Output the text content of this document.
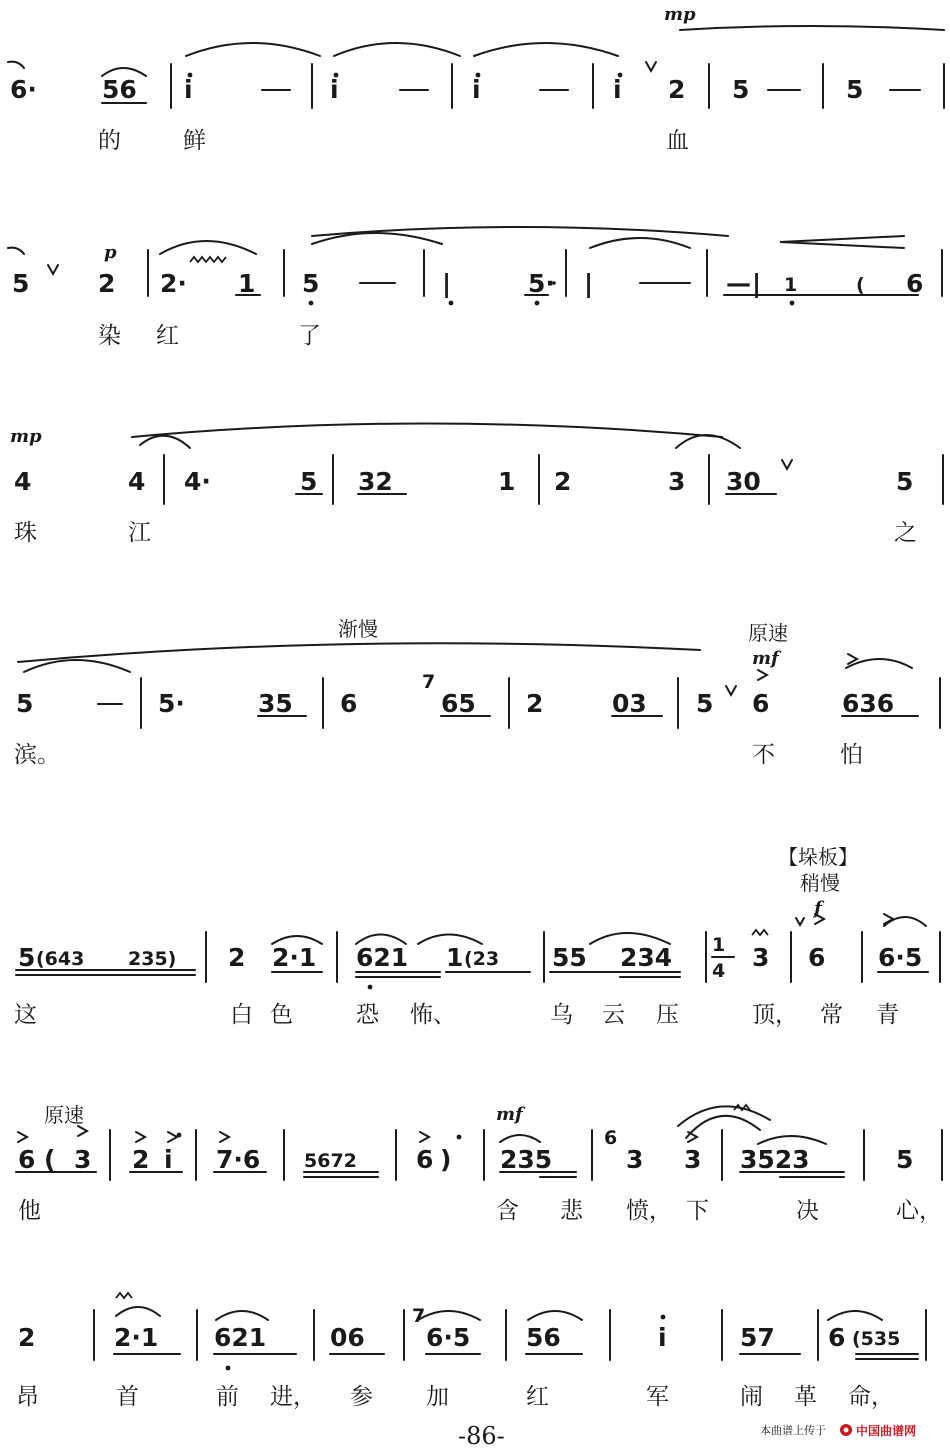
6·	56 i	i	i	i 2 5	5
mp
的	鲜	血
5	2 2· 1 5	|	5· |	— | 1	( 6
p
染 红	了
4	4 4·	5 32	1 2	3 30	5
mp
珠	江	之
5	5·	35 6	65 2	03 5 6	636
7
渐慢	原速
mf
滨。	不	怕
5 (643 235) 2 2·1 621 1 (23 55 234 1
4 3 6 6·5
【垛板】
稍慢
f
这	白 色	恐 怖、	乌 云 压	顶， 常 青
6 ( 3 2 i 7·6 5672 6 ) 235	3 3 3523	5
6
原速	mf
他	含 悲 愤， 下	决	心，
2	2·1 621	06 6·5 56	i	57 6 (535
7
昂	首	前 进， 参 加	红	军	闹 革 命，
-86-	本曲谱上传于	中国曲谱网
